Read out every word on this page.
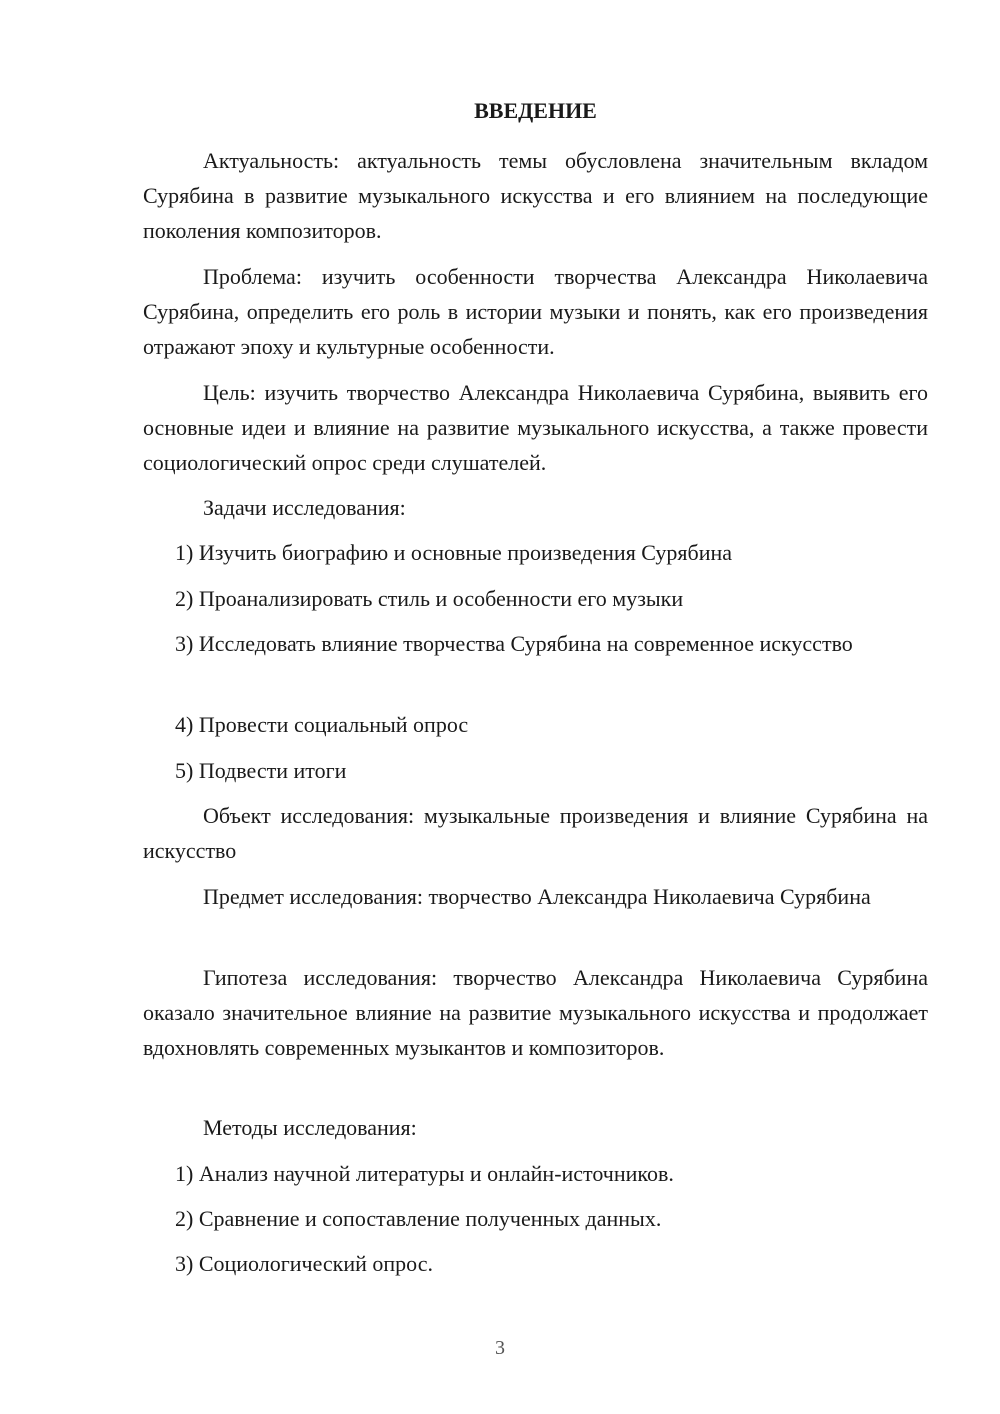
ВВЕДЕНИЕ

Актуальность: актуальность темы обусловлена значительным вкладом Сурябина в развитие музыкального искусства и его влиянием на последующие поколения композиторов.

Проблема: изучить особенности творчества Александра Николаевича Сурябина, определить его роль в истории музыки и понять, как его произведения отражают эпоху и культурные особенности.

Цель: изучить творчество Александра Николаевича Сурябина, выявить его основные идеи и влияние на развитие музыкального искусства, а также провести социологический опрос среди слушателей.

Задачи исследования:

1) Изучить биографию и основные произведения Сурябина

2) Проанализировать стиль и особенности его музыки

3) Исследовать влияние творчества Сурябина на современное искусство

4) Провести социальный опрос

5) Подвести итоги

Объект исследования: музыкальные произведения и влияние Сурябина на искусство

Предмет исследования: творчество Александра Николаевича Сурябина

Гипотеза исследования: творчество Александра Николаевича Сурябина оказало значительное влияние на развитие музыкального искусства и продолжает вдохновлять современных музыкантов и композиторов.

Методы исследования:

1) Анализ научной литературы и онлайн-источников.

2) Сравнение и сопоставление полученных данных.

3) Социологический опрос.

3
